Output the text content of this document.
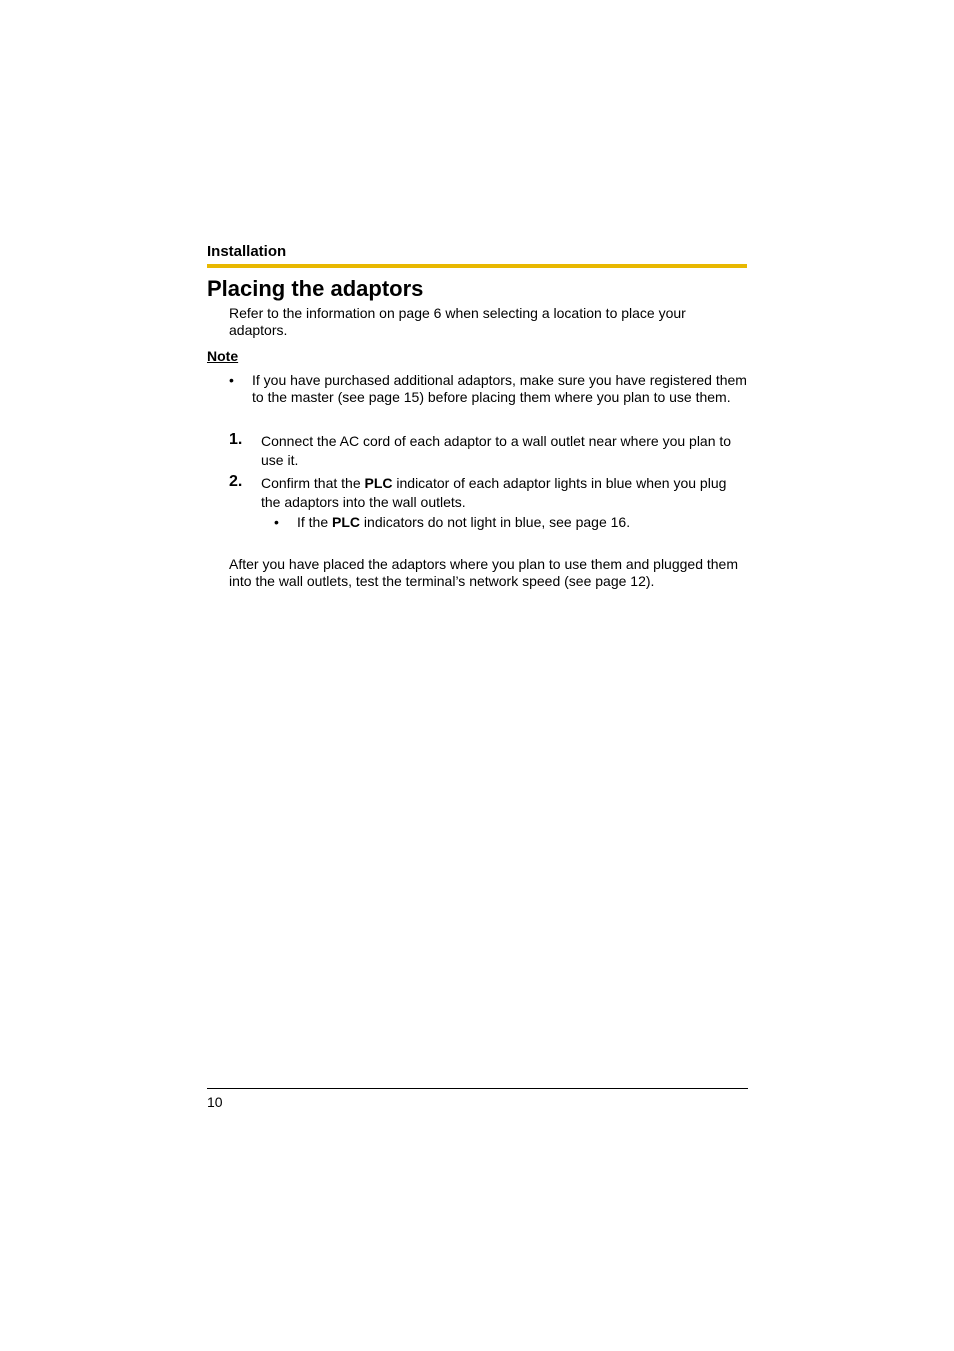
Installation
Placing the adaptors
Refer to the information on page 6 when selecting a location to place your adaptors.
Note
• If you have purchased additional adaptors, make sure you have registered them to the master (see page 15) before placing them where you plan to use them.
1. Connect the AC cord of each adaptor to a wall outlet near where you plan to use it.
2. Confirm that the PLC indicator of each adaptor lights in blue when you plug the adaptors into the wall outlets.
• If the PLC indicators do not light in blue, see page 16.
After you have placed the adaptors where you plan to use them and plugged them into the wall outlets, test the terminal’s network speed (see page 12).
10
